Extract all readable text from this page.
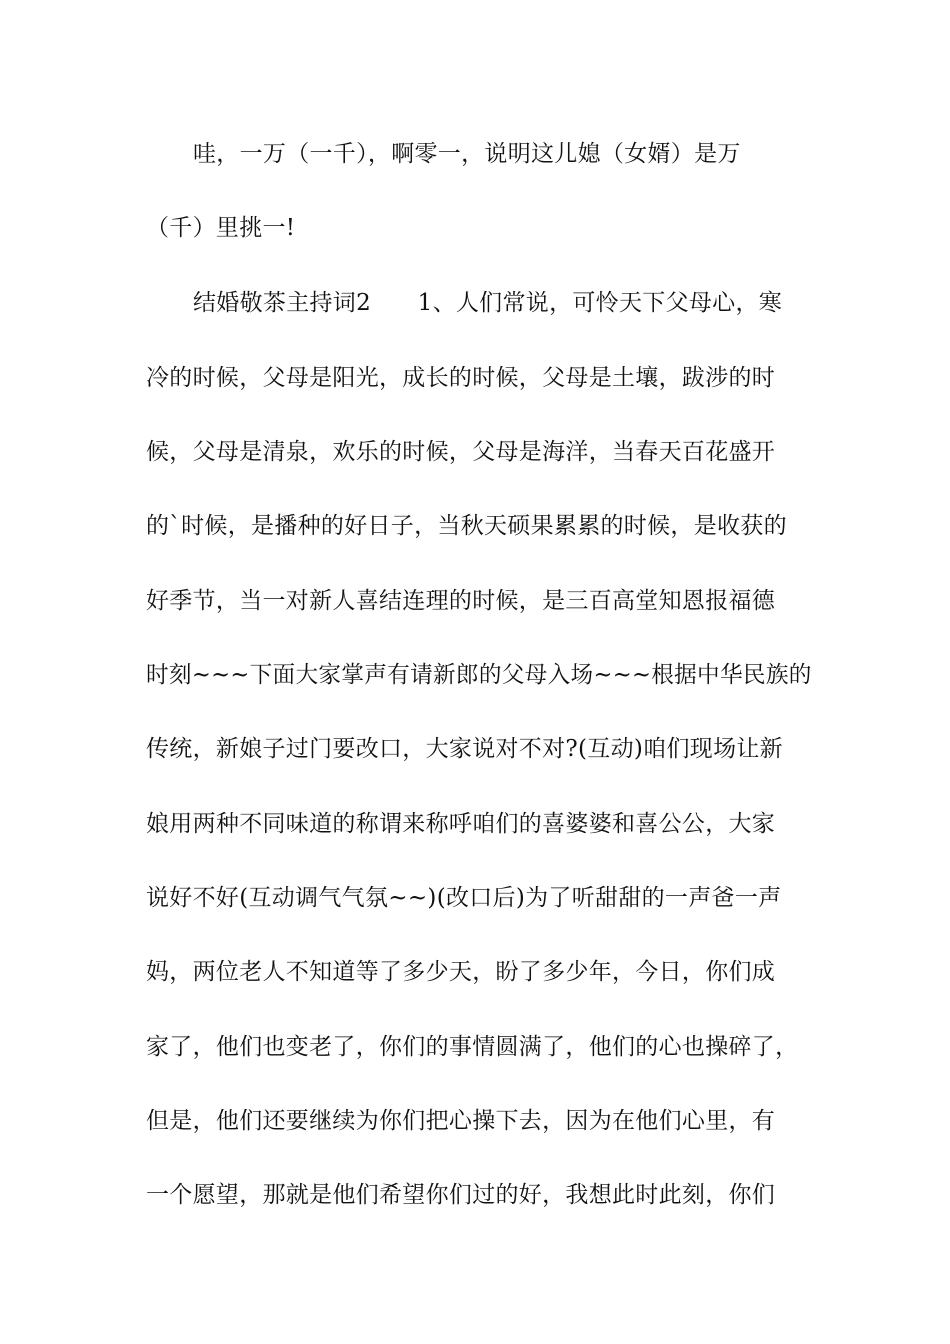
哇，一万（一千），啊零一，说明这儿媳（女婿）是万
（千）里挑一!
结婚敬茶主持词2　　1、人们常说，可怜天下父母心，寒
冷的时候，父母是阳光，成长的时候，父母是土壤，跋涉的时
候，父母是清泉，欢乐的时候，父母是海洋，当春天百花盛开
的`时候，是播种的好日子，当秋天硕果累累的时候，是收获的
好季节，当一对新人喜结连理的时候，是三百高堂知恩报福德
时刻~~~下面大家掌声有请新郎的父母入场~~~根据中华民族的
传统，新娘子过门要改口，大家说对不对?(互动)咱们现场让新
娘用两种不同味道的称谓来称呼咱们的喜婆婆和喜公公，大家
说好不好(互动调气气氛~~)(改口后)为了听甜甜的一声爸一声
妈，两位老人不知道等了多少天，盼了多少年，今日，你们成
家了，他们也变老了，你们的事情圆满了，他们的心也操碎了，
但是，他们还要继续为你们把心操下去，因为在他们心里，有
一个愿望，那就是他们希望你们过的好，我想此时此刻，你们
